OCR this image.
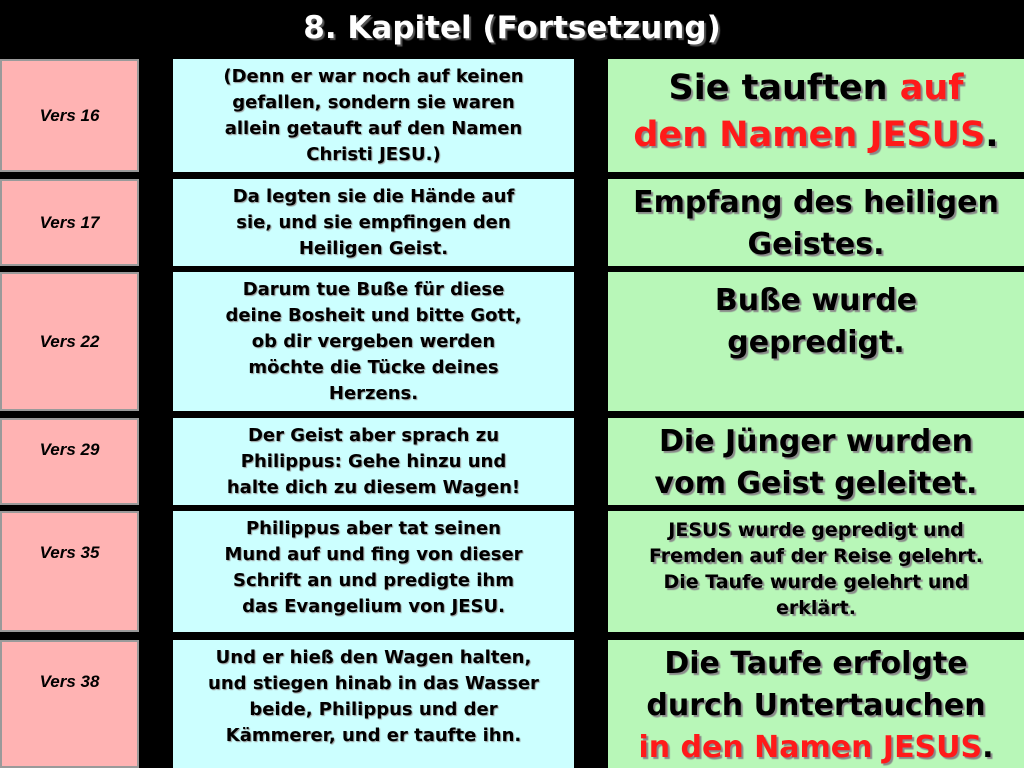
8. Kapitel (Fortsetzung)
Vers 16
(Denn er war noch auf keinen
gefallen, sondern sie waren
allein getauft auf den Namen
Christi JESU.)
Sie tauften auf
den Namen JESUS.
Vers 17
Da legten sie die Hände auf
sie, und sie empfingen den
Heiligen Geist.
Empfang des heiligen
Geistes.
Vers 22
Darum tue Buße für diese
deine Bosheit und bitte Gott,
ob dir vergeben werden
möchte die Tücke deines
Herzens.
Buße wurde
gepredigt.
Vers 29
Der Geist aber sprach zu
Philippus: Gehe hinzu und
halte dich zu diesem Wagen!
Die Jünger wurden
vom Geist geleitet.
Vers 35
Philippus aber tat seinen
Mund auf und fing von dieser
Schrift an und predigte ihm
das Evangelium von JESU.
JESUS wurde gepredigt und
Fremden auf der Reise gelehrt.
Die Taufe wurde gelehrt und
erklärt.
Vers 38
Und er hieß den Wagen halten,
und stiegen hinab in das Wasser
beide, Philippus und der
Kämmerer, und er taufte ihn.
Die Taufe erfolgte
durch Untertauchen
in den Namen JESUS.
